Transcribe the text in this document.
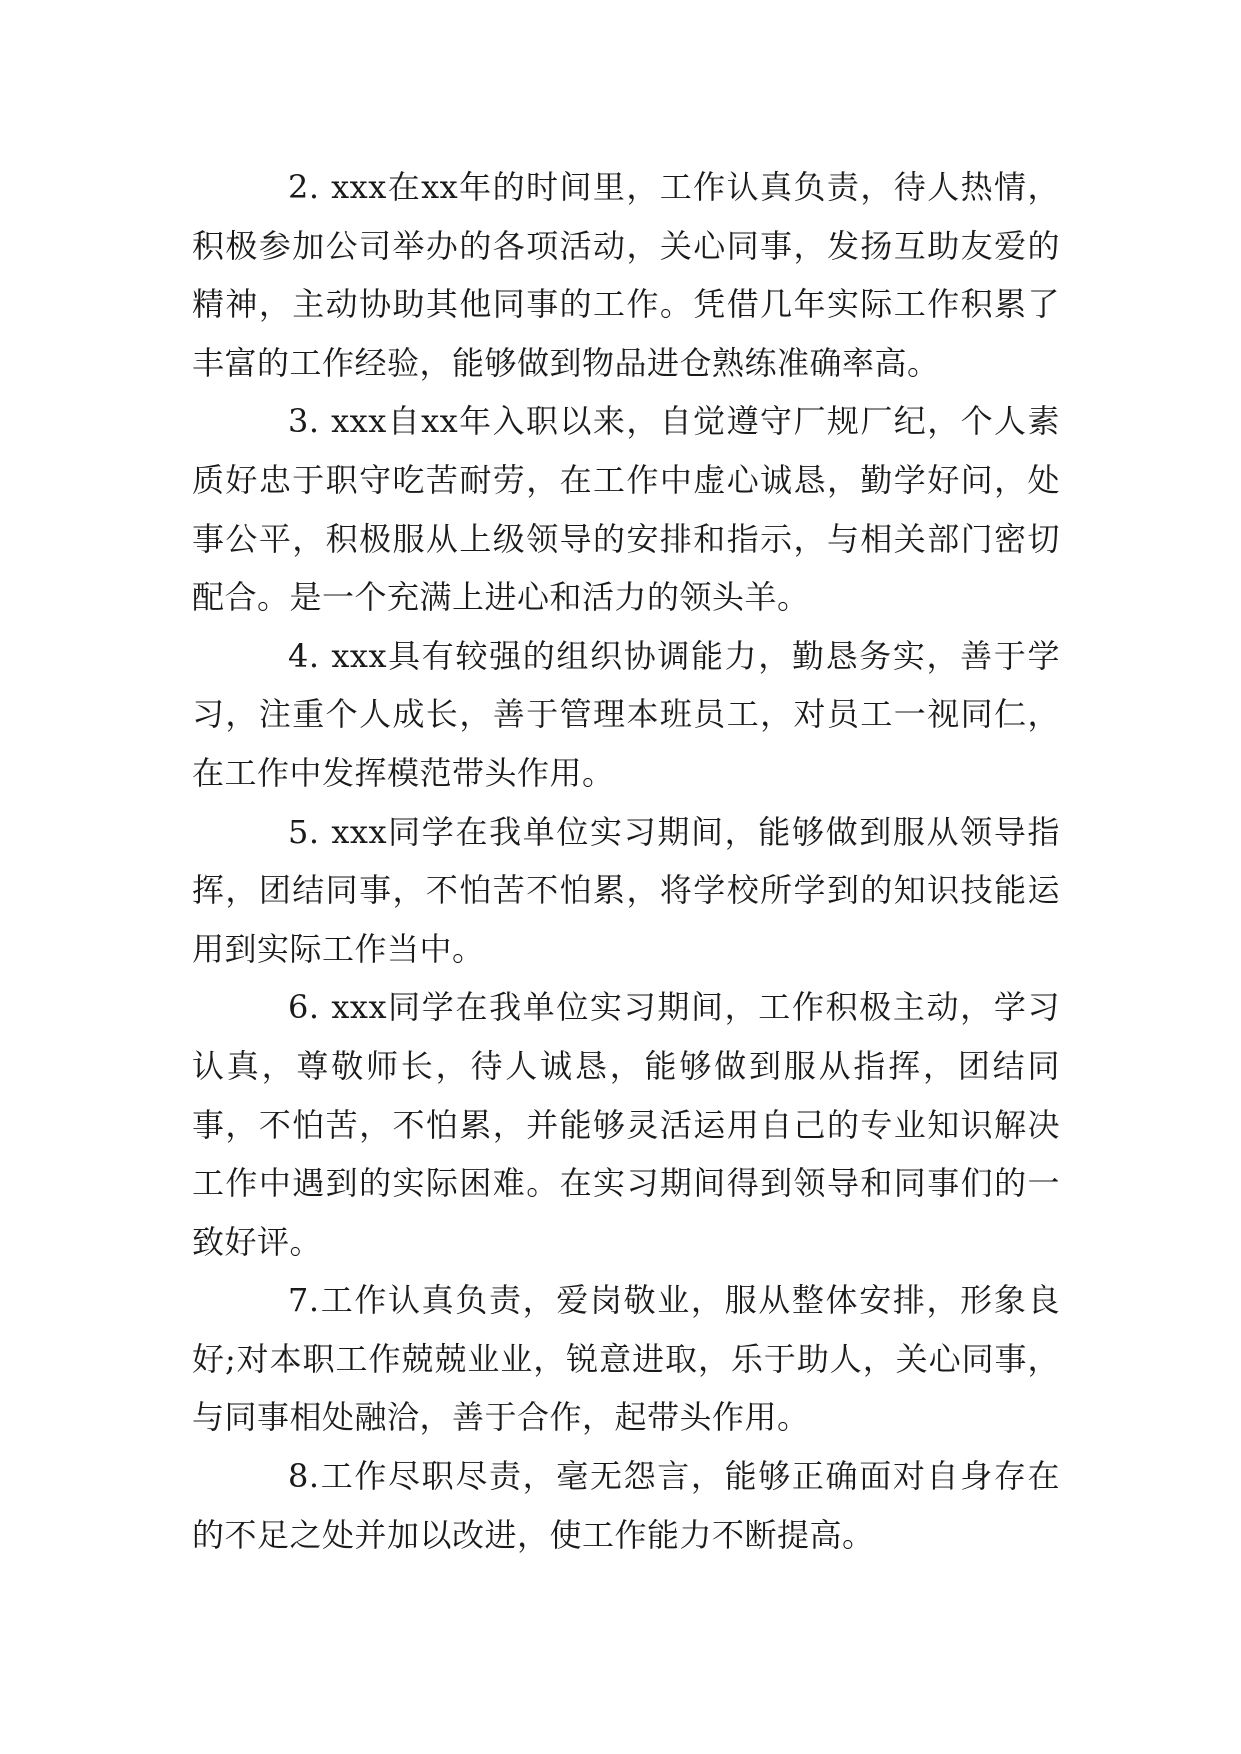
2. xxx在xx年的时间里，工作认真负责，待人热情，积极参加公司举办的各项活动，关心同事，发扬互助友爱的精神，主动协助其他同事的工作。凭借几年实际工作积累了丰富的工作经验，能够做到物品进仓熟练准确率高。

3. xxx自xx年入职以来，自觉遵守厂规厂纪，个人素质好忠于职守吃苦耐劳，在工作中虚心诚恳，勤学好问，处事公平，积极服从上级领导的安排和指示，与相关部门密切配合。是一个充满上进心和活力的领头羊。

4. xxx具有较强的组织协调能力，勤恳务实，善于学习，注重个人成长，善于管理本班员工，对员工一视同仁，在工作中发挥模范带头作用。

5. xxx同学在我单位实习期间，能够做到服从领导指挥，团结同事，不怕苦不怕累，将学校所学到的知识技能运用到实际工作当中。

6. xxx同学在我单位实习期间，工作积极主动，学习认真，尊敬师长，待人诚恳，能够做到服从指挥，团结同事，不怕苦，不怕累，并能够灵活运用自己的专业知识解决工作中遇到的实际困难。在实习期间得到领导和同事们的一致好评。

7.工作认真负责，爱岗敬业，服从整体安排，形象良好;对本职工作兢兢业业，锐意进取，乐于助人，关心同事，与同事相处融洽，善于合作，起带头作用。

8.工作尽职尽责，毫无怨言，能够正确面对自身存在的不足之处并加以改进，使工作能力不断提高。
